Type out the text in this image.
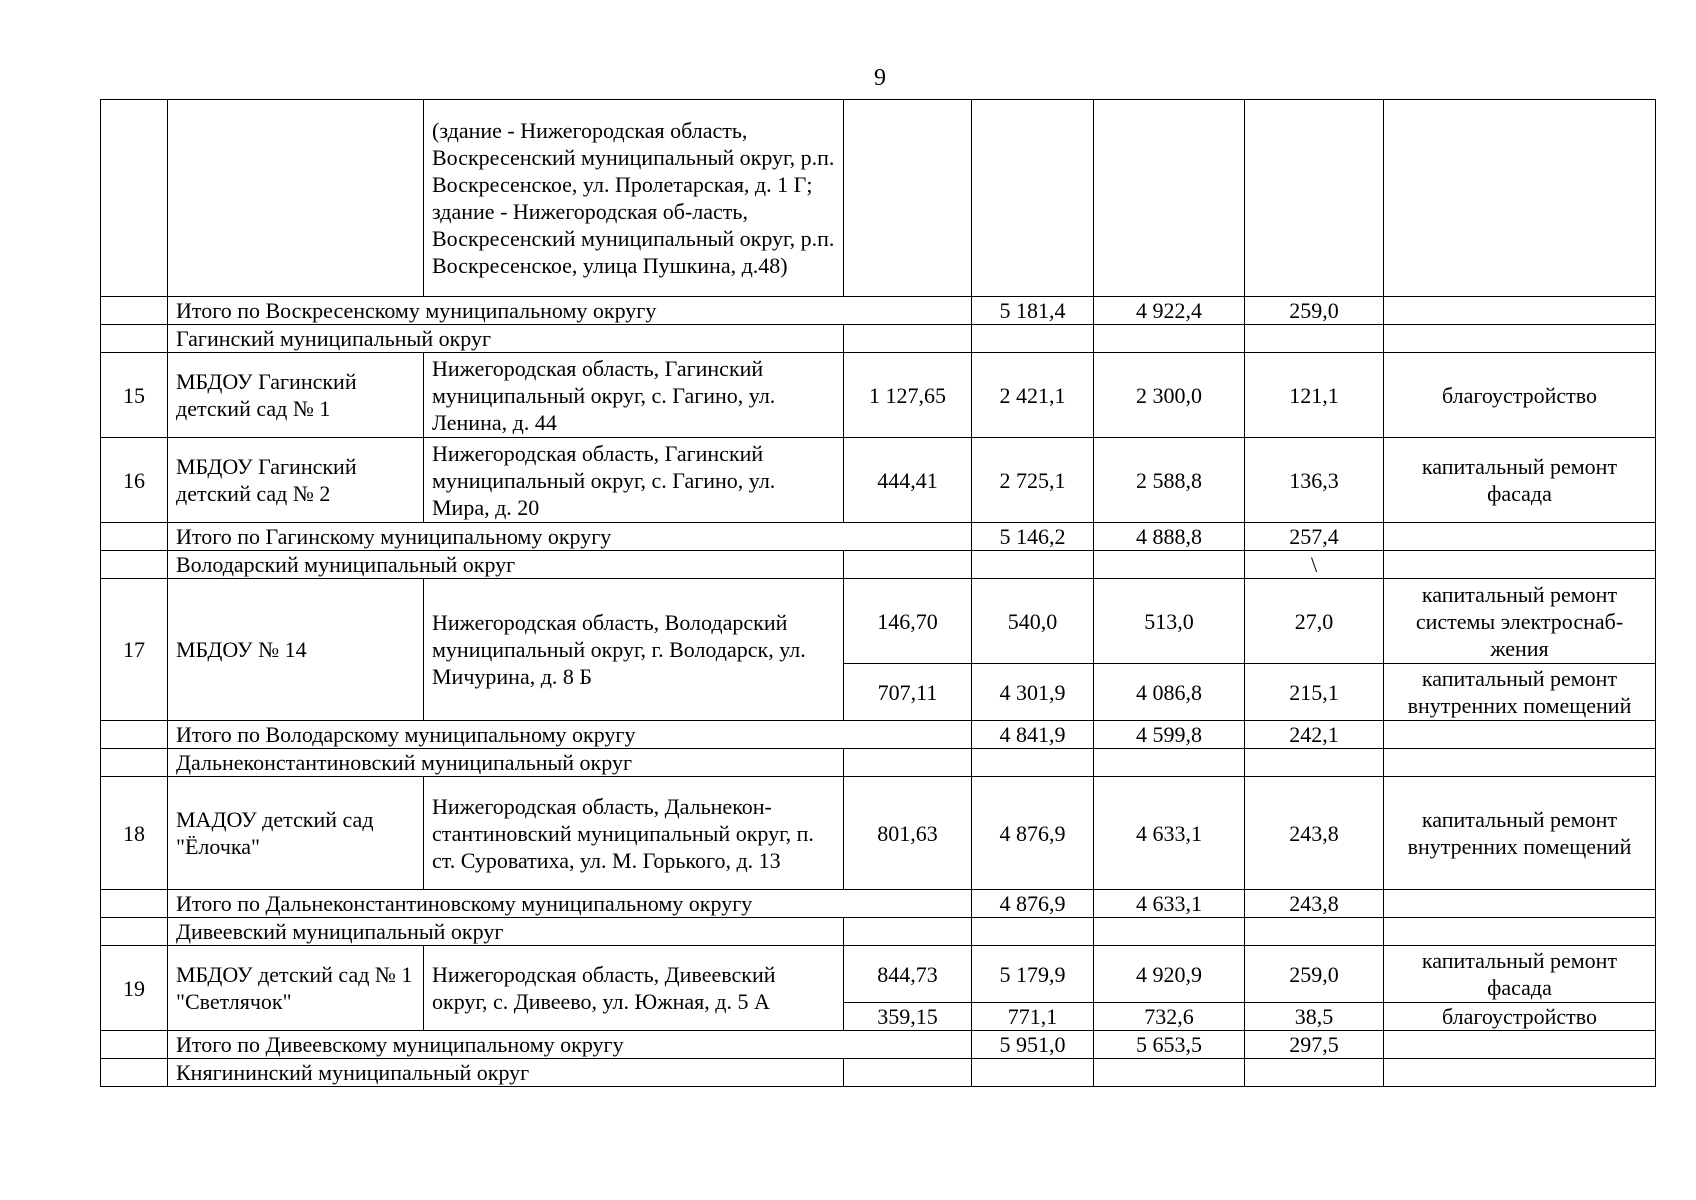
9
		(здание - Нижегородская область, Воскресенский муниципальный округ, р.п. Воскресенское, ул. Пролетарская, д. 1 Г; здание - Нижегородская об-ласть, Воскресенский муниципальный округ, р.п. Воскресенское, улица Пушкина, д.48)					
	Итого по Воскресенскому муниципальному округу			5 181,4	4 922,4	259,0	
	Гагинский муниципальный округ						
15	МБДОУ Гагинский детский сад № 1	Нижегородская область, Гагинский муниципальный округ, с. Гагино, ул. Ленина, д. 44	1 127,65	2 421,1	2 300,0	121,1	благоустройство
16	МБДОУ Гагинский детский сад № 2	Нижегородская область, Гагинский муниципальный округ, с. Гагино, ул. Мира, д. 20	444,41	2 725,1	2 588,8	136,3	капитальный ремонт фасада
	Итого по Гагинскому муниципальному округу			5 146,2	4 888,8	257,4	
	Володарский муниципальный округ					\	
17	МБДОУ № 14	Нижегородская область, Володарский муниципальный округ, г. Володарск, ул. Мичурина, д. 8 Б	146,70	540,0	513,0	27,0	капитальный ремонт системы электроснаб-жения
			707,11	4 301,9	4 086,8	215,1	капитальный ремонт внутренних помещений
	Итого по Володарскому муниципальному округу			4 841,9	4 599,8	242,1	
	Дальнеконстантиновский муниципальный округ						
18	МАДОУ детский сад "Ёлочка"	Нижегородская область, Дальнекон-стантиновский муниципальный округ, п. ст. Суроватиха, ул. М. Горького, д. 13	801,63	4 876,9	4 633,1	243,8	капитальный ремонт внутренних помещений
	Итого по Дальнеконстантиновскому муниципальному округу			4 876,9	4 633,1	243,8	
	Дивеевский муниципальный округ						
19	МБДОУ детский сад № 1 "Светлячок"	Нижегородская область, Дивеевский округ, с. Дивеево, ул. Южная, д. 5 А	844,73	5 179,9	4 920,9	259,0	капитальный ремонт фасада
			359,15	771,1	732,6	38,5	благоустройство
	Итого по Дивеевскому муниципальному округу			5 951,0	5 653,5	297,5	
	Княгининский муниципальный округ						
